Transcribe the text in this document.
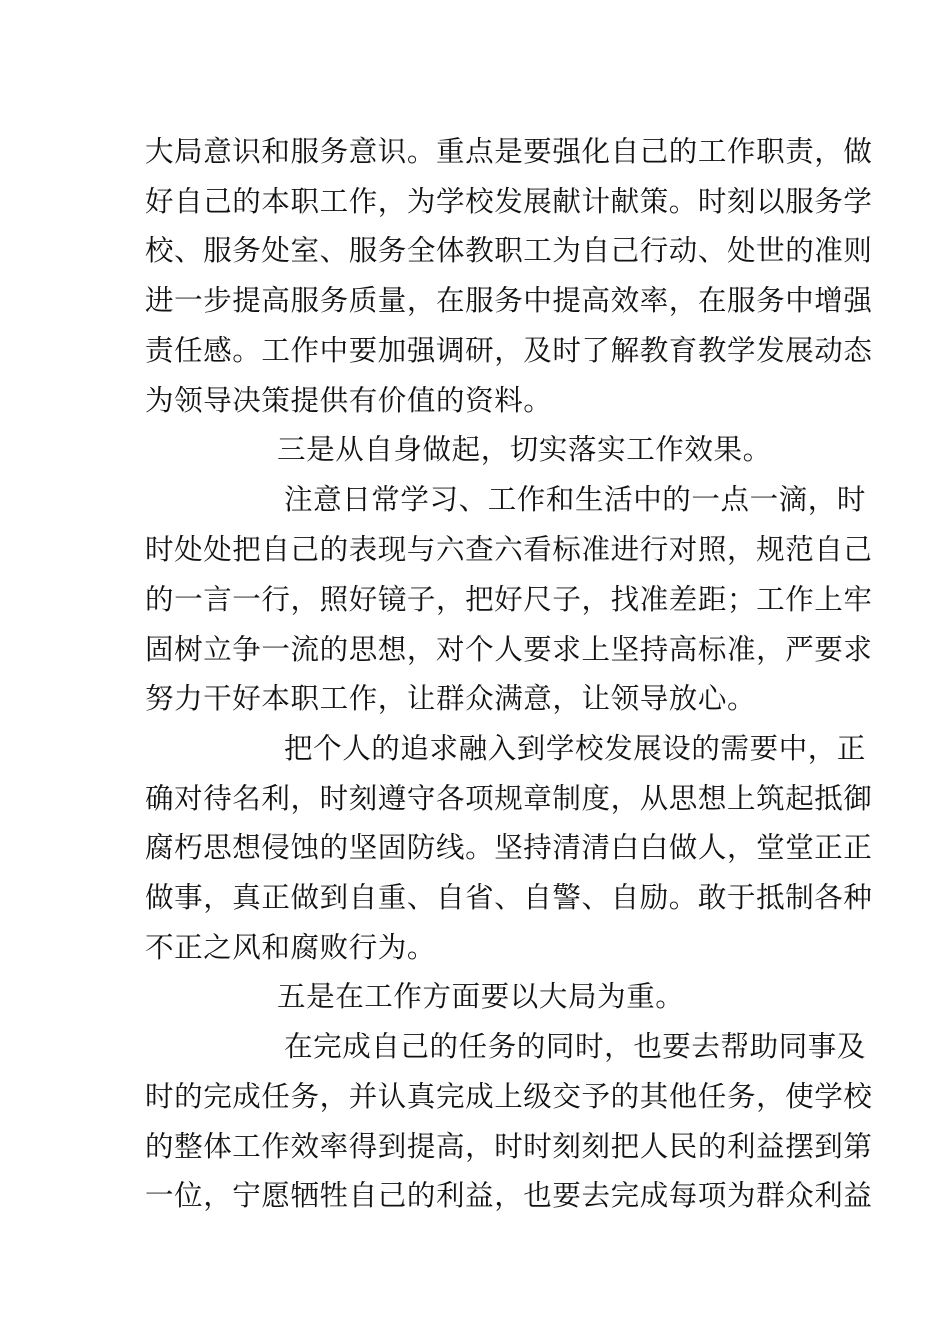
大局意识和服务意识。重点是要强化自己的工作职责，做
好自己的本职工作，为学校发展献计献策。时刻以服务学
校、服务处室、服务全体教职工为自己行动、处世的准则
进一步提高服务质量，在服务中提高效率，在服务中增强
责任感。工作中要加强调研，及时了解教育教学发展动态
为领导决策提供有价值的资料。
三是从自身做起，切实落实工作效果。
注意日常学习、工作和生活中的一点一滴，时
时处处把自己的表现与六查六看标准进行对照，规范自己
的一言一行，照好镜子，把好尺子，找准差距；工作上牢
固树立争一流的思想，对个人要求上坚持高标准，严要求
努力干好本职工作，让群众满意，让领导放心。
把个人的追求融入到学校发展设的需要中，正
确对待名利，时刻遵守各项规章制度，从思想上筑起抵御
腐朽思想侵蚀的坚固防线。坚持清清白白做人，堂堂正正
做事，真正做到自重、自省、自警、自励。敢于抵制各种
不正之风和腐败行为。
五是在工作方面要以大局为重。
在完成自己的任务的同时，也要去帮助同事及
时的完成任务，并认真完成上级交予的其他任务，使学校
的整体工作效率得到提高，时时刻刻把人民的利益摆到第
一位，宁愿牺牲自己的利益，也要去完成每项为群众利益
